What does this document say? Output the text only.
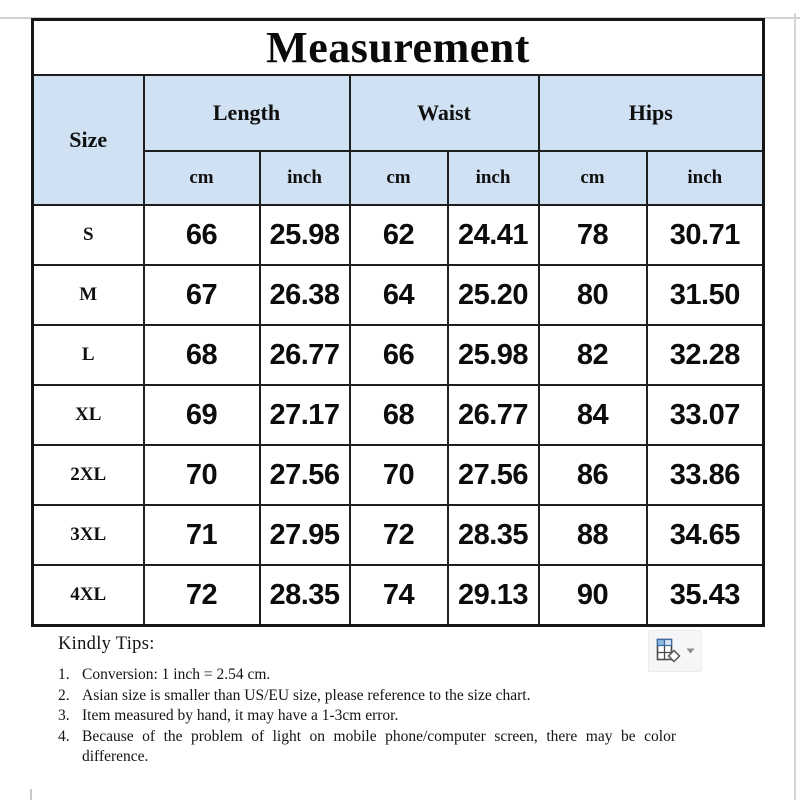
Measurement						
Size	Length		Waist		Hips	
	cm	inch	cm	inch	cm	inch
S	66	25.98	62	24.41	78	30.71
M	67	26.38	64	25.20	80	31.50
L	68	26.77	66	25.98	82	32.28
XL	69	27.17	68	26.77	84	33.07
2XL	70	27.56	70	27.56	86	33.86
3XL	71	27.95	72	28.35	88	34.65
4XL	72	28.35	74	29.13	90	35.43

Kindly Tips:

1. Conversion: 1 inch = 2.54 cm.
2. Asian size is smaller than US/EU size, please reference to the size chart.
3. Item measured by hand, it may have a 1-3cm error.
4. Because of the problem of light on mobile phone/computer screen, there may be color difference.
